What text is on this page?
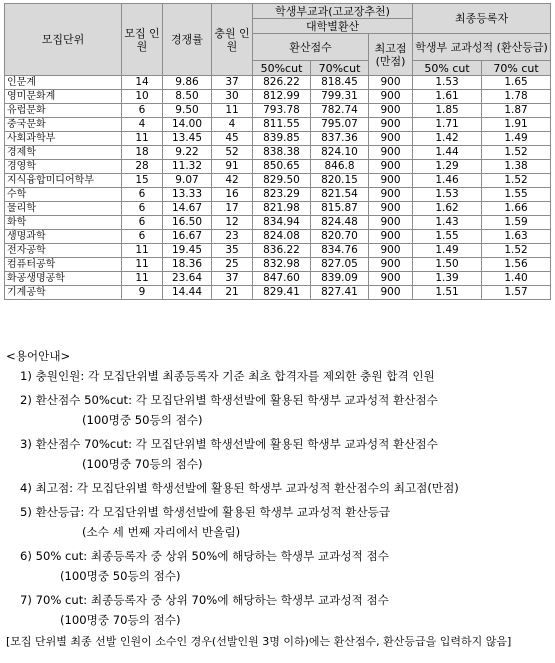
모집단위	모집 인원	경쟁률	충원 인원	학생부교과(고교장추천)			최종등록자	
				대학별환산				
				환산점수		최고점 (만점)	학생부 교과성적 (환산등급)	
				50%cut	70%cut		50% cut	70% cut
인문계	14	9.86	37	826.22	818.45	900	1.53	1.65
영미문화계	10	8.50	30	812.99	799.31	900	1.61	1.78
유럽문화	6	9.50	11	793.78	782.74	900	1.85	1.87
중국문화	4	14.00	4	811.55	795.07	900	1.71	1.91
사회과학부	11	13.45	45	839.85	837.36	900	1.42	1.49
경제학	18	9.22	52	838.38	824.10	900	1.44	1.52
경영학	28	11.32	91	850.65	846.8	900	1.29	1.38
지식융합미디어학부	15	9.07	42	829.50	820.15	900	1.46	1.52
수학	6	13.33	16	823.29	821.54	900	1.53	1.55
물리학	6	14.67	17	821.98	815.87	900	1.62	1.66
화학	6	16.50	12	834.94	824.48	900	1.43	1.59
생명과학	6	16.67	23	824.08	820.70	900	1.55	1.63
전자공학	11	19.45	35	836.22	834.76	900	1.49	1.52
컴퓨터공학	11	18.36	25	832.98	827.05	900	1.50	1.56
화공생명공학	11	23.64	37	847.60	839.09	900	1.39	1.40
기계공학	9	14.44	21	829.41	827.41	900	1.51	1.57

<용어안내>

1) 충원인원: 각 모집단위별 최종등록자 기준 최초 합격자를 제외한 충원 합격 인원
2) 환산점수 50%cut: 각 모집단위별 학생선발에 활용된 학생부 교과성적 환산점수
(100명중 50등의 점수)
3) 환산점수 70%cut: 각 모집단위별 학생선발에 활용된 학생부 교과성적 환산점수
(100명중 70등의 점수)
4) 최고점: 각 모집단위별 학생선발에 활용된 학생부 교과성적 환산점수의 최고점(만점)
5) 환산등급: 각 모집단위별 학생선발에 활용된 학생부 교과성적 환산등급
(소수 세 번째 자리에서 반올림)
6) 50% cut: 최종등록자 중 상위 50%에 해당하는 학생부 교과성적 점수
(100명중 50등의 점수)
7) 70% cut: 최종등록자 중 상위 70%에 해당하는 학생부 교과성적 점수
(100명중 70등의 점수)
[모집 단위별 최종 선발 인원이 소수인 경우(선발인원 3명 이하)에는 환산점수, 환산등급을 입력하지 않음]
